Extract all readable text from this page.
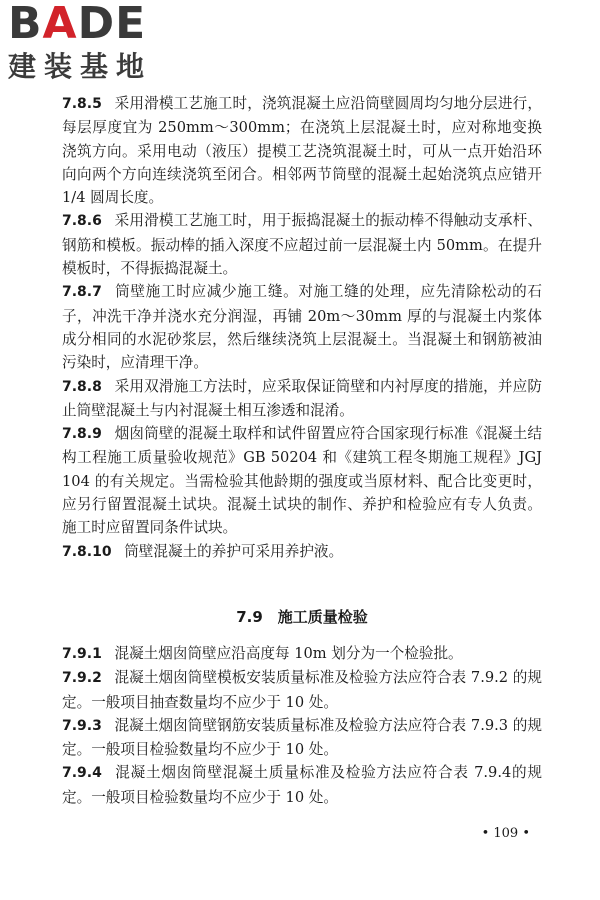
BADE
建装基地

7.8.5 采用滑模工艺施工时，浇筑混凝土应沿筒壁圆周均匀地分层进行，每层厚度宜为 250mm～300mm；在浇筑上层混凝土时，应对称地变换浇筑方向。采用电动（液压）提模工艺浇筑混凝土时，可从一点开始沿环向向两个方向连续浇筑至闭合。相邻两节筒壁的混凝土起始浇筑点应错开 1/4 圆周长度。

7.8.6 采用滑模工艺施工时，用于振捣混凝土的振动棒不得触动支承杆、钢筋和模板。振动棒的插入深度不应超过前一层混凝土内 50mm。在提升模板时，不得振捣混凝土。

7.8.7 筒壁施工时应减少施工缝。对施工缝的处理，应先清除松动的石子，冲洗干净并浇水充分润湿，再铺 20m～30mm 厚的与混凝土内浆体成分相同的水泥砂浆层，然后继续浇筑上层混凝土。当混凝土和钢筋被油污染时，应清理干净。

7.8.8 采用双滑施工方法时，应采取保证筒壁和内衬厚度的措施，并应防止筒壁混凝土与内衬混凝土相互渗透和混淆。

7.8.9 烟囱筒壁的混凝土取样和试件留置应符合国家现行标准《混凝土结构工程施工质量验收规范》GB 50204 和《建筑工程冬期施工规程》JGJ 104 的有关规定。当需检验其他龄期的强度或当原材料、配合比变更时，应另行留置混凝土试块。混凝土试块的制作、养护和检验应有专人负责。施工时应留置同条件试块。

7.8.10 筒壁混凝土的养护可采用养护液。

7.9 施工质量检验

7.9.1 混凝土烟囱筒壁应沿高度每 10m 划分为一个检验批。

7.9.2 混凝土烟囱筒壁模板安装质量标准及检验方法应符合表 7.9.2 的规定。一般项目抽查数量均不应少于 10 处。

7.9.3 混凝土烟囱筒壁钢筋安装质量标准及检验方法应符合表 7.9.3 的规定。一般项目检验数量均不应少于 10 处。

7.9.4 混凝土烟囱筒壁混凝土质量标准及检验方法应符合表 7.9.4的规定。一般项目检验数量均不应少于 10 处。

• 109 •
